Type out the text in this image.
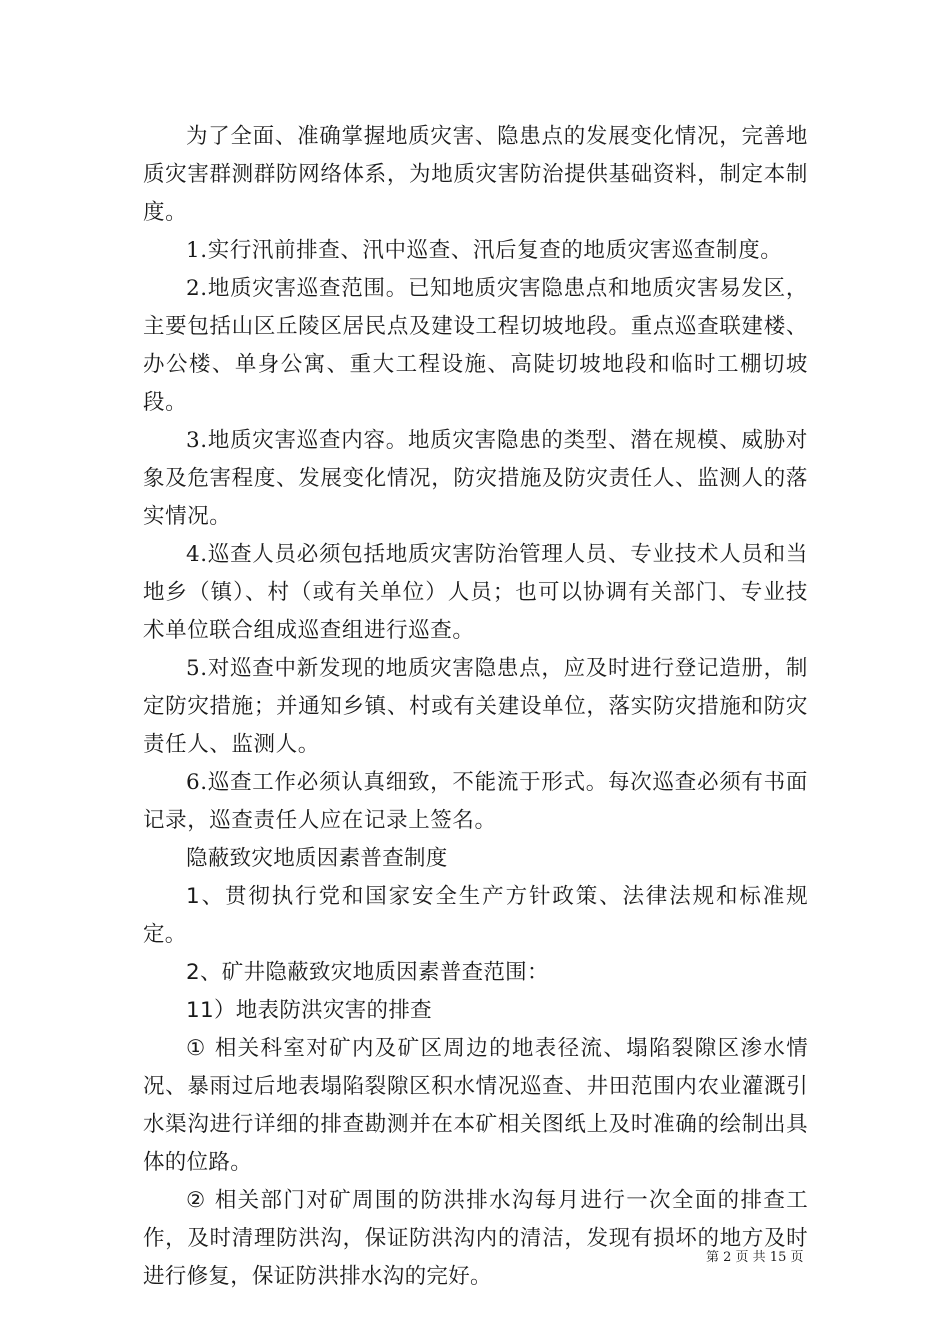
为了全面、准确掌握地质灾害、隐患点的发展变化情况，完善地质灾害群测群防网络体系，为地质灾害防治提供基础资料，制定本制度。

1.实行汛前排查、汛中巡查、汛后复查的地质灾害巡查制度。

2.地质灾害巡查范围。已知地质灾害隐患点和地质灾害易发区，主要包括山区丘陵区居民点及建设工程切坡地段。重点巡查联建楼、办公楼、单身公寓、重大工程设施、高陡切坡地段和临时工棚切坡段。

3.地质灾害巡查内容。地质灾害隐患的类型、潜在规模、威胁对象及危害程度、发展变化情况，防灾措施及防灾责任人、监测人的落实情况。

4.巡查人员必须包括地质灾害防治管理人员、专业技术人员和当地乡（镇）、村（或有关单位）人员；也可以协调有关部门、专业技术单位联合组成巡查组进行巡查。

5.对巡查中新发现的地质灾害隐患点，应及时进行登记造册，制定防灾措施；并通知乡镇、村或有关建设单位，落实防灾措施和防灾责任人、监测人。

6.巡查工作必须认真细致，不能流于形式。每次巡查必须有书面记录，巡查责任人应在记录上签名。

隐蔽致灾地质因素普查制度

1、贯彻执行党和国家安全生产方针政策、法律法规和标准规定。

2、矿井隐蔽致灾地质因素普查范围：

11）地表防洪灾害的排查

① 相关科室对矿内及矿区周边的地表径流、塌陷裂隙区渗水情况、暴雨过后地表塌陷裂隙区积水情况巡查、井田范围内农业灌溉引水渠沟进行详细的排查勘测并在本矿相关图纸上及时准确的绘制出具体的位路。

② 相关部门对矿周围的防洪排水沟每月进行一次全面的排查工作，及时清理防洪沟，保证防洪沟内的清洁，发现有损坏的地方及时进行修复，保证防洪排水沟的完好。

第 2 页 共 15 页
